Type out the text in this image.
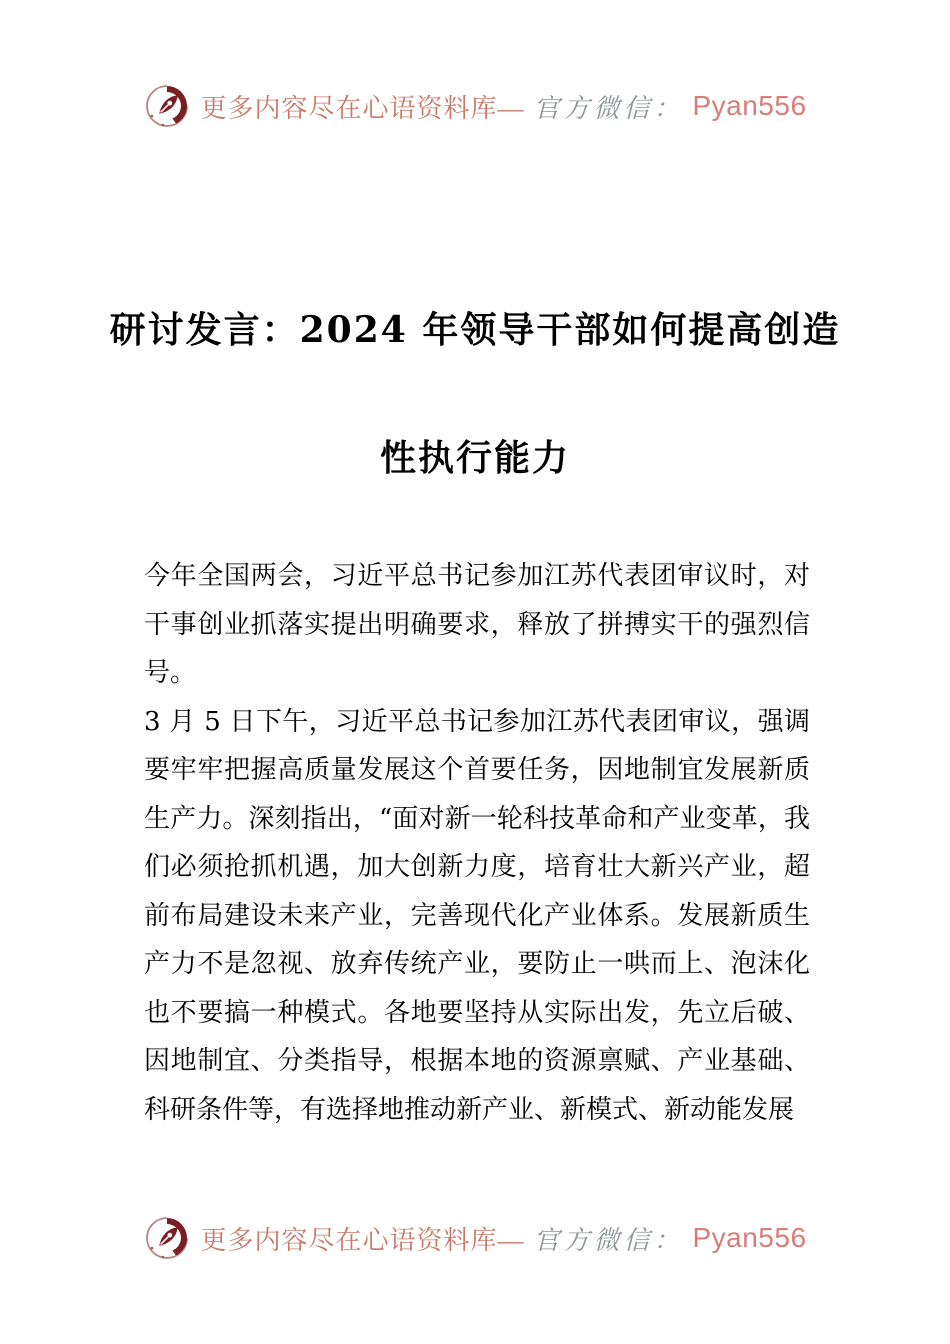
更多内容尽在心语资料库— 官方微信： Pyan556
研讨发言：2024 年领导干部如何提高创造
性执行能力

今年全国两会，习近平总书记参加江苏代表团审议时，对干事创业抓落实提出明确要求，释放了拼搏实干的强烈信号。

3 月 5 日下午，习近平总书记参加江苏代表团审议，强调要牢牢把握高质量发展这个首要任务，因地制宜发展新质生产力。深刻指出，“面对新一轮科技革命和产业变革，我们必须抢抓机遇，加大创新力度，培育壮大新兴产业，超前布局建设未来产业，完善现代化产业体系。发展新质生产力不是忽视、放弃传统产业，要防止一哄而上、泡沫化也不要搞一种模式。各地要坚持从实际出发，先立后破、因地制宜、分类指导，根据本地的资源禀赋、产业基础、科研条件等，有选择地推动新产业、新模式、新动能发展

更多内容尽在心语资料库— 官方微信： Pyan556
